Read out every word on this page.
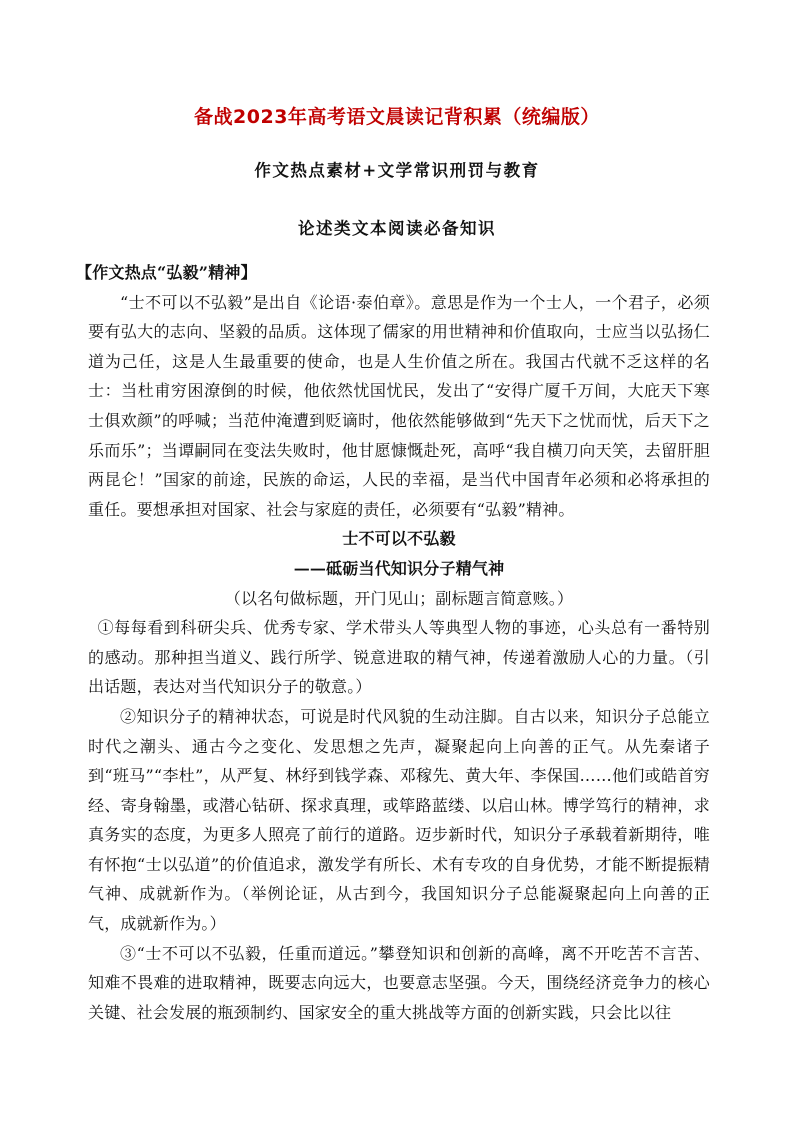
备战2023年高考语文晨读记背积累（统编版）
作文热点素材+文学常识刑罚与教育
论述类文本阅读必备知识

【作文热点“弘毅”精神】

“士不可以不弘毅”是出自《论语·泰伯章》。意思是作为一个士人，一个君子，必须要有弘大的志向、坚毅的品质。这体现了儒家的用世精神和价值取向，士应当以弘扬仁道为己任，这是人生最重要的使命，也是人生价值之所在。我国古代就不乏这样的名士：当杜甫穷困潦倒的时候，他依然忧国忧民，发出了“安得广厦千万间，大庇天下寒士俱欢颜”的呼喊；当范仲淹遭到贬谪时，他依然能够做到“先天下之忧而忧，后天下之乐而乐”；当谭嗣同在变法失败时，他甘愿慷慨赴死，高呼“我自横刀向天笑，去留肝胆两昆仑！”国家的前途，民族的命运，人民的幸福，是当代中国青年必须和必将承担的重任。要想承担对国家、社会与家庭的责任，必须要有“弘毅”精神。

士不可以不弘毅

——砥砺当代知识分子精气神

（以名句做标题，开门见山；副标题言简意赅。）

①每每看到科研尖兵、优秀专家、学术带头人等典型人物的事迹，心头总有一番特别的感动。那种担当道义、践行所学、锐意进取的精气神，传递着激励人心的力量。（引出话题，表达对当代知识分子的敬意。）

②知识分子的精神状态，可说是时代风貌的生动注脚。自古以来，知识分子总能立时代之潮头、通古今之变化、发思想之先声，凝聚起向上向善的正气。从先秦诸子到“班马”“李杜”，从严复、林纾到钱学森、邓稼先、黄大年、李保国……他们或皓首穷经、寄身翰墨，或潜心钻研、探求真理，或筚路蓝缕、以启山林。博学笃行的精神，求真务实的态度，为更多人照亮了前行的道路。迈步新时代，知识分子承载着新期待，唯有怀抱“士以弘道”的价值追求，激发学有所长、术有专攻的自身优势，才能不断提振精气神、成就新作为。（举例论证，从古到今，我国知识分子总能凝聚起向上向善的正气，成就新作为。）

③“士不可以不弘毅，任重而道远。”攀登知识和创新的高峰，离不开吃苦不言苦、知难不畏难的进取精神，既要志向远大，也要意志坚强。今天，围绕经济竞争力的核心关键、社会发展的瓶颈制约、国家安全的重大挑战等方面的创新实践，只会比以往
